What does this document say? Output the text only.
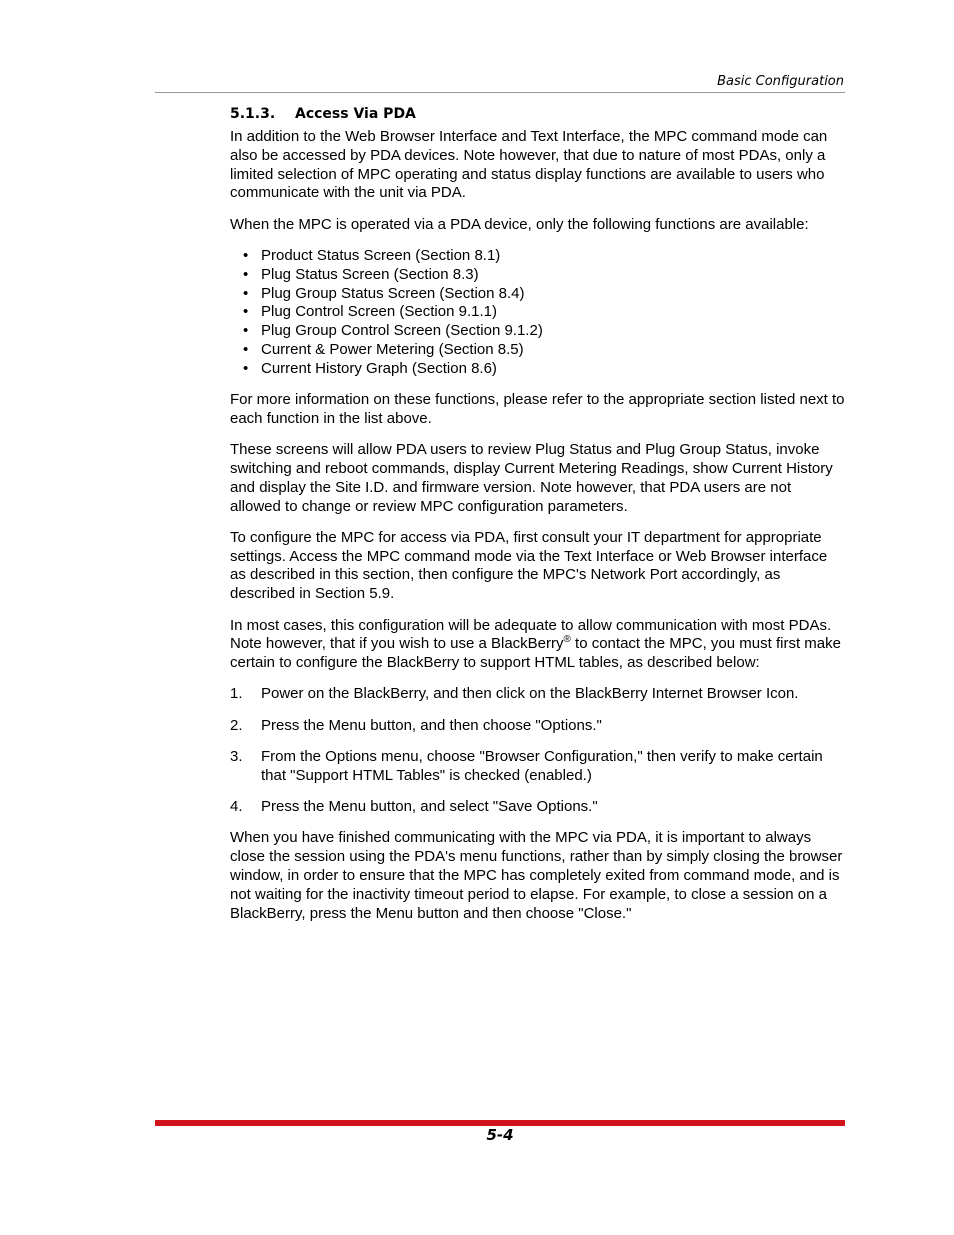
Basic Configuration
5.1.3. Access Via PDA

In addition to the Web Browser Interface and Text Interface, the MPC command mode can also be accessed by PDA devices. Note however, that due to nature of most PDAs, only a limited selection of MPC operating and status display functions are available to users who communicate with the unit via PDA.

When the MPC is operated via a PDA device, only the following functions are available:

• Product Status Screen (Section 8.1)
• Plug Status Screen (Section 8.3)
• Plug Group Status Screen (Section 8.4)
• Plug Control Screen (Section 9.1.1)
• Plug Group Control Screen (Section 9.1.2)
• Current & Power Metering (Section 8.5)
• Current History Graph (Section 8.6)

For more information on these functions, please refer to the appropriate section listed next to each function in the list above.

These screens will allow PDA users to review Plug Status and Plug Group Status, invoke switching and reboot commands, display Current Metering Readings, show Current History and display the Site I.D. and firmware version. Note however, that PDA users are not allowed to change or review MPC configuration parameters.

To configure the MPC for access via PDA, first consult your IT department for appropriate settings. Access the MPC command mode via the Text Interface or Web Browser interface as described in this section, then configure the MPC's Network Port accordingly, as described in Section 5.9.

In most cases, this configuration will be adequate to allow communication with most PDAs. Note however, that if you wish to use a BlackBerry® to contact the MPC, you must first make certain to configure the BlackBerry to support HTML tables, as described below:

1. Power on the BlackBerry, and then click on the BlackBerry Internet Browser Icon.
2. Press the Menu button, and then choose "Options."
3. From the Options menu, choose "Browser Configuration," then verify to make certain that "Support HTML Tables" is checked (enabled.)
4. Press the Menu button, and select "Save Options."

When you have finished communicating with the MPC via PDA, it is important to always close the session using the PDA's menu functions, rather than by simply closing the browser window, in order to ensure that the MPC has completely exited from command mode, and is not waiting for the inactivity timeout period to elapse. For example, to close a session on a BlackBerry, press the Menu button and then choose "Close."

5-4
